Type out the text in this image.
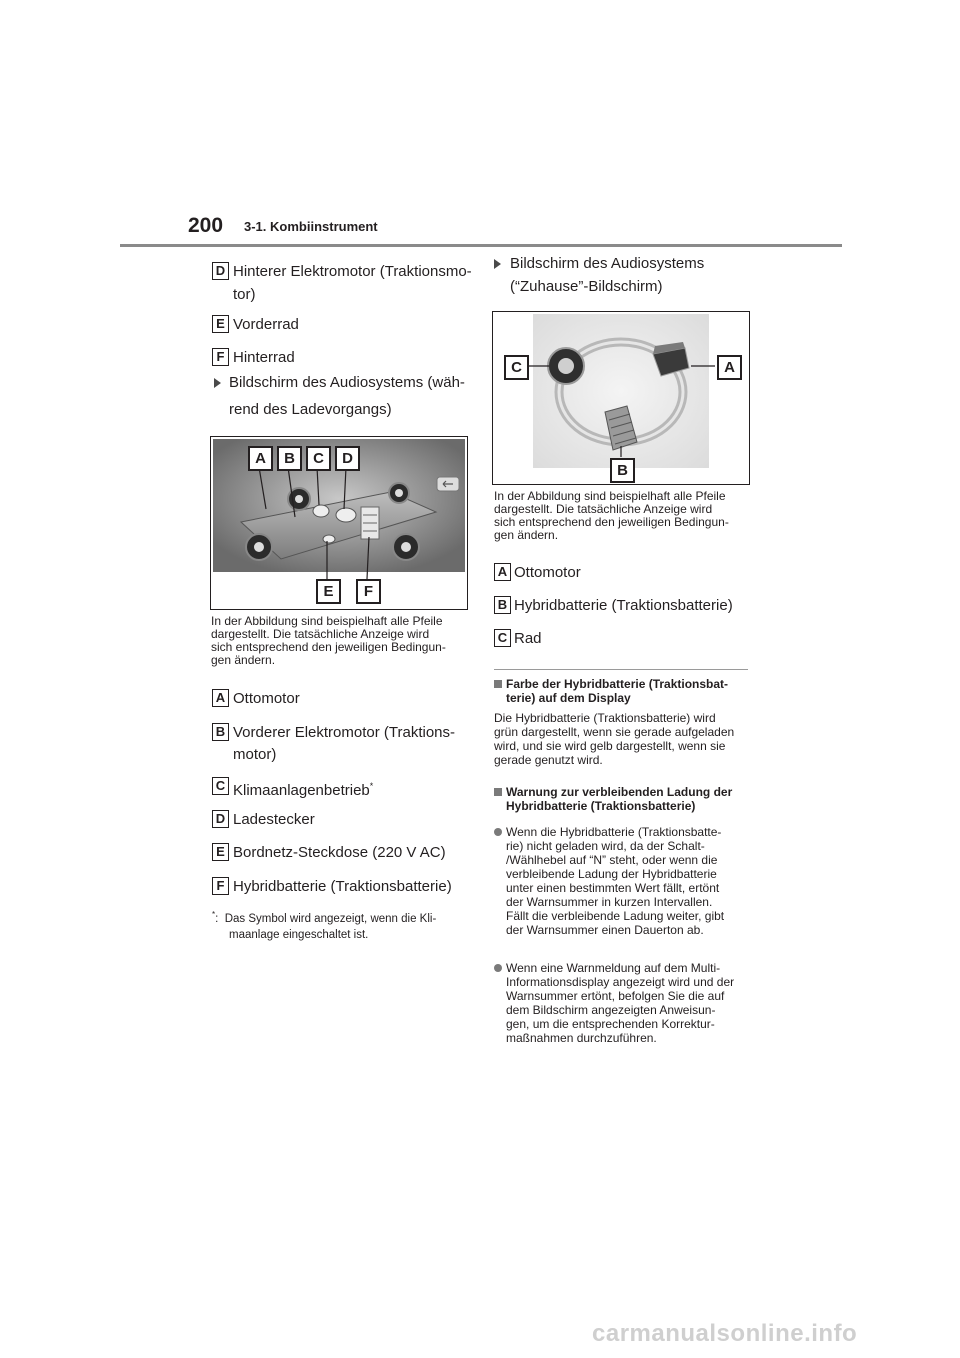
200 3-1. Kombiinstrument
D Hinterer Elektromotor (Traktionsmo-
tor)
E Vorderrad
F Hinterrad
Bildschirm des Audiosystems (wäh-
rend des Ladevorgangs)
A	B	C	D
E	F
In der Abbildung sind beispielhaft alle Pfeile
dargestellt. Die tatsächliche Anzeige wird
sich entsprechend den jeweiligen Bedingun-
gen ändern.
A Ottomotor
B Vorderer Elektromotor (Traktions-
motor)
C Klimaanlagenbetrieb*
D Ladestecker
E Bordnetz-Steckdose (220 V AC)
F Hybridbatterie (Traktionsbatterie)
*:  Das Symbol wird angezeigt, wenn die Kli-
maanlage eingeschaltet ist.
Bildschirm des Audiosystems
(“Zuhause”-Bildschirm)
C	A
B
In der Abbildung sind beispielhaft alle Pfeile
dargestellt. Die tatsächliche Anzeige wird
sich entsprechend den jeweiligen Bedingun-
gen ändern.
A Ottomotor
B Hybridbatterie (Traktionsbatterie)
C Rad
Farbe der Hybridbatterie (Traktionsbat-
terie) auf dem Display
Die Hybridbatterie (Traktionsbatterie) wird
grün dargestellt, wenn sie gerade aufgeladen
wird, und sie wird gelb dargestellt, wenn sie
gerade genutzt wird.
Warnung zur verbleibenden Ladung der
Hybridbatterie (Traktionsbatterie)
Wenn die Hybridbatterie (Traktionsbatte-
rie) nicht geladen wird, da der Schalt-
/Wählhebel auf “N” steht, oder wenn die
verbleibende Ladung der Hybridbatterie
unter einen bestimmten Wert fällt, ertönt
der Warnsummer in kurzen Intervallen.
Fällt die verbleibende Ladung weiter, gibt
der Warnsummer einen Dauerton ab.
Wenn eine Warnmeldung auf dem Multi-
Informationsdisplay angezeigt wird und der
Warnsummer ertönt, befolgen Sie die auf
dem Bildschirm angezeigten Anweisun-
gen, um die entsprechenden Korrektur-
maßnahmen durchzuführen.
carmanualsonline.info
